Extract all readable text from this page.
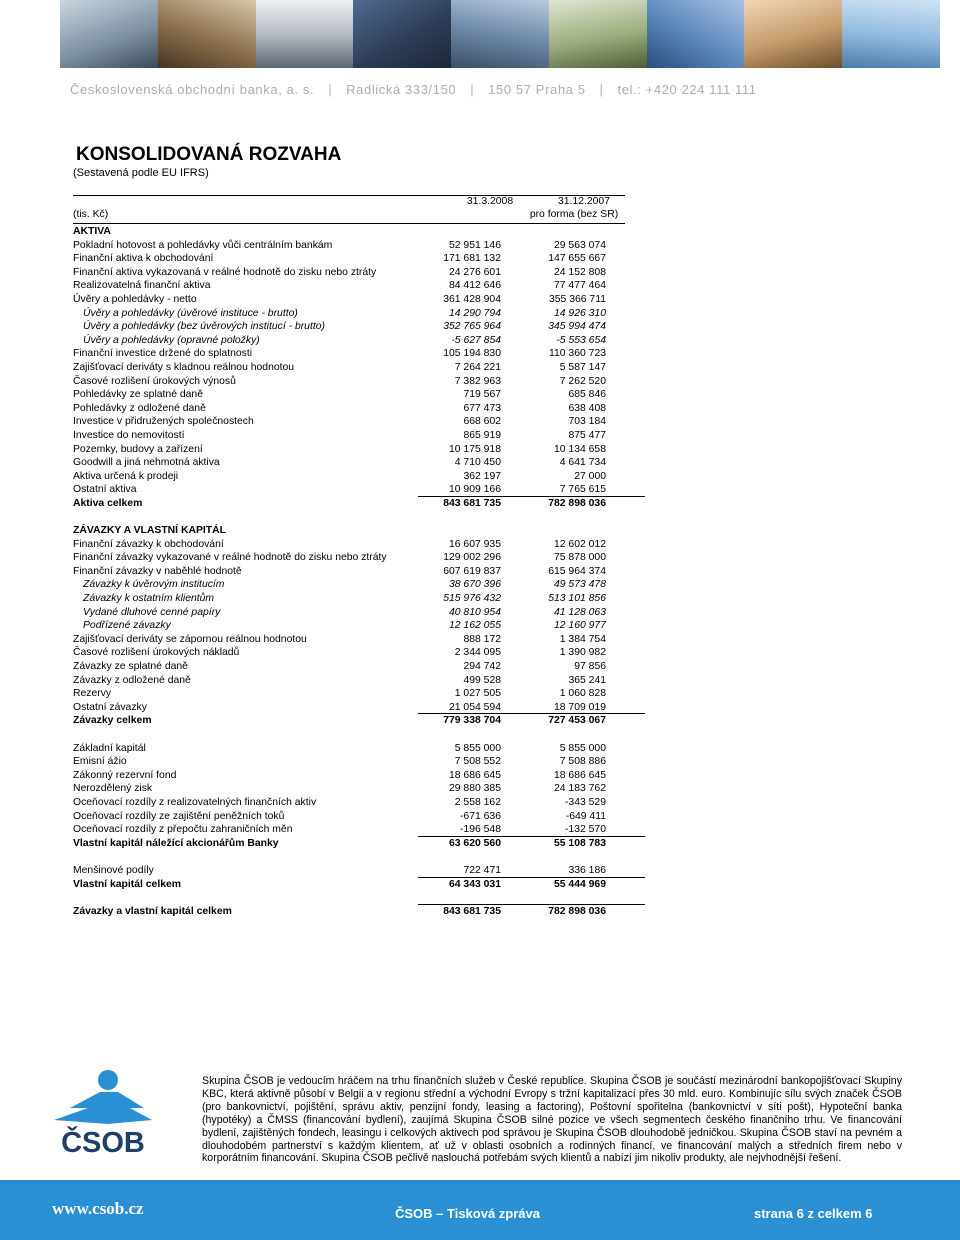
Československá obchodní banka, a. s. | Radlická 333/150 | 150 57 Praha 5 | tel.: +420 224 111 111
KONSOLIDOVANÁ ROZVAHA
(Sestavená podle EU IFRS)
31.3.2008	31.12.2007
(tis. Kč)	pro forma (bez SR)
AKTIVA
Pokladní hotovost a pohledávky vůči centrálním bankám	52 951 146	29 563 074
Finanční aktiva k obchodování	171 681 132	147 655 667
Finanční aktiva vykazovaná v reálné hodnotě do zisku nebo ztráty	24 276 601	24 152 808
Realizovatelná finanční aktiva	84 412 646	77 477 464
Úvěry a pohledávky - netto	361 428 904	355 366 711
Úvěry a pohledávky (úvěrové instituce - brutto)	14 290 794	14 926 310
Úvěry a pohledávky (bez úvěrových institucí - brutto)	352 765 964	345 994 474
Úvěry a pohledávky (opravné položky)	-5 627 854	-5 553 654
Finanční investice držené do splatnosti	105 194 830	110 360 723
Zajišťovací deriváty s kladnou reálnou hodnotou	7 264 221	5 587 147
Časové rozlišení úrokových výnosů	7 382 963	7 262 520
Pohledávky ze splatné daně	719 567	685 846
Pohledávky z odložené daně	677 473	638 408
Investice v přidružených společnostech	668 602	703 184
Investice do nemovitostí	865 919	875 477
Pozemky, budovy a zařízení	10 175 918	10 134 658
Goodwill a jiná nehmotná aktiva	4 710 450	4 641 734
Aktiva určená k prodeji	362 197	27 000
Ostatní aktiva	10 909 166	7 765 615
Aktiva celkem	843 681 735	782 898 036
ZÁVAZKY A VLASTNÍ KAPITÁL
Finanční závazky k obchodování	16 607 935	12 602 012
Finanční závazky vykazované v reálné hodnotě do zisku nebo ztráty	129 002 296	75 878 000
Finanční závazky v naběhlé hodnotě	607 619 837	615 964 374
Závazky k úvěrovým institucím	38 670 396	49 573 478
Závazky k ostatním klientům	515 976 432	513 101 856
Vydané dluhové cenné papíry	40 810 954	41 128 063
Podřízené závazky	12 162 055	12 160 977
Zajišťovací deriváty se zápornou reálnou hodnotou	888 172	1 384 754
Časové rozlišení úrokových nákladů	2 344 095	1 390 982
Závazky ze splatné daně	294 742	97 856
Závazky z odložené daně	499 528	365 241
Rezervy	1 027 505	1 060 828
Ostatní závazky	21 054 594	18 709 019
Závazky celkem	779 338 704	727 453 067
Základní kapitál	5 855 000	5 855 000
Emisní ážio	7 508 552	7 508 886
Zákonný rezervní fond	18 686 645	18 686 645
Nerozdělený zisk	29 880 385	24 183 762
Oceňovací rozdíly z realizovatelných finančních aktiv	2 558 162	-343 529
Oceňovací rozdíly ze zajištění peněžních toků	-671 636	-649 411
Oceňovací rozdíly z přepočtu zahraničních měn	-196 548	-132 570
Vlastní kapitál náležící akcionářům Banky	63 620 560	55 108 783
Menšinové podíly	722 471	336 186
Vlastní kapitál celkem	64 343 031	55 444 969
Závazky a vlastní kapitál celkem	843 681 735	782 898 036
ČSOB
Skupina ČSOB je vedoucím hráčem na trhu finančních služeb v České republice. Skupina ČSOB je součástí mezinárodní bankopojišťovací Skupiny KBC, která aktivně působí v Belgii a v regionu střední a východní Evropy s tržní kapitalizací přes 30 mld. euro. Kombinujíc sílu svých značek ČSOB (pro bankovnictví, pojištění, správu aktiv, penzijní fondy, leasing a factoring), Poštovní spořitelna (bankovnictví v síti pošt), Hypoteční banka (hypotéky) a ČMSS (financování bydlení), zaujímá Skupina ČSOB silné pozice ve všech segmentech českého finančního trhu. Ve financování bydlení, zajištěných fondech, leasingu i celkových aktivech pod správou je Skupina ČSOB dlouhodobě jedničkou. Skupina ČSOB staví na pevném a dlouhodobém partnerství s každým klientem, ať už v oblasti osobních a rodinných financí, ve financování malých a středních firem nebo v korporátním financování. Skupina ČSOB pečlivě naslouchá potřebám svých klientů a nabízí jim nikoliv produkty, ale nejvhodnější řešení.
www.csob.cz	ČSOB – Tisková zpráva	strana 6 z celkem 6
